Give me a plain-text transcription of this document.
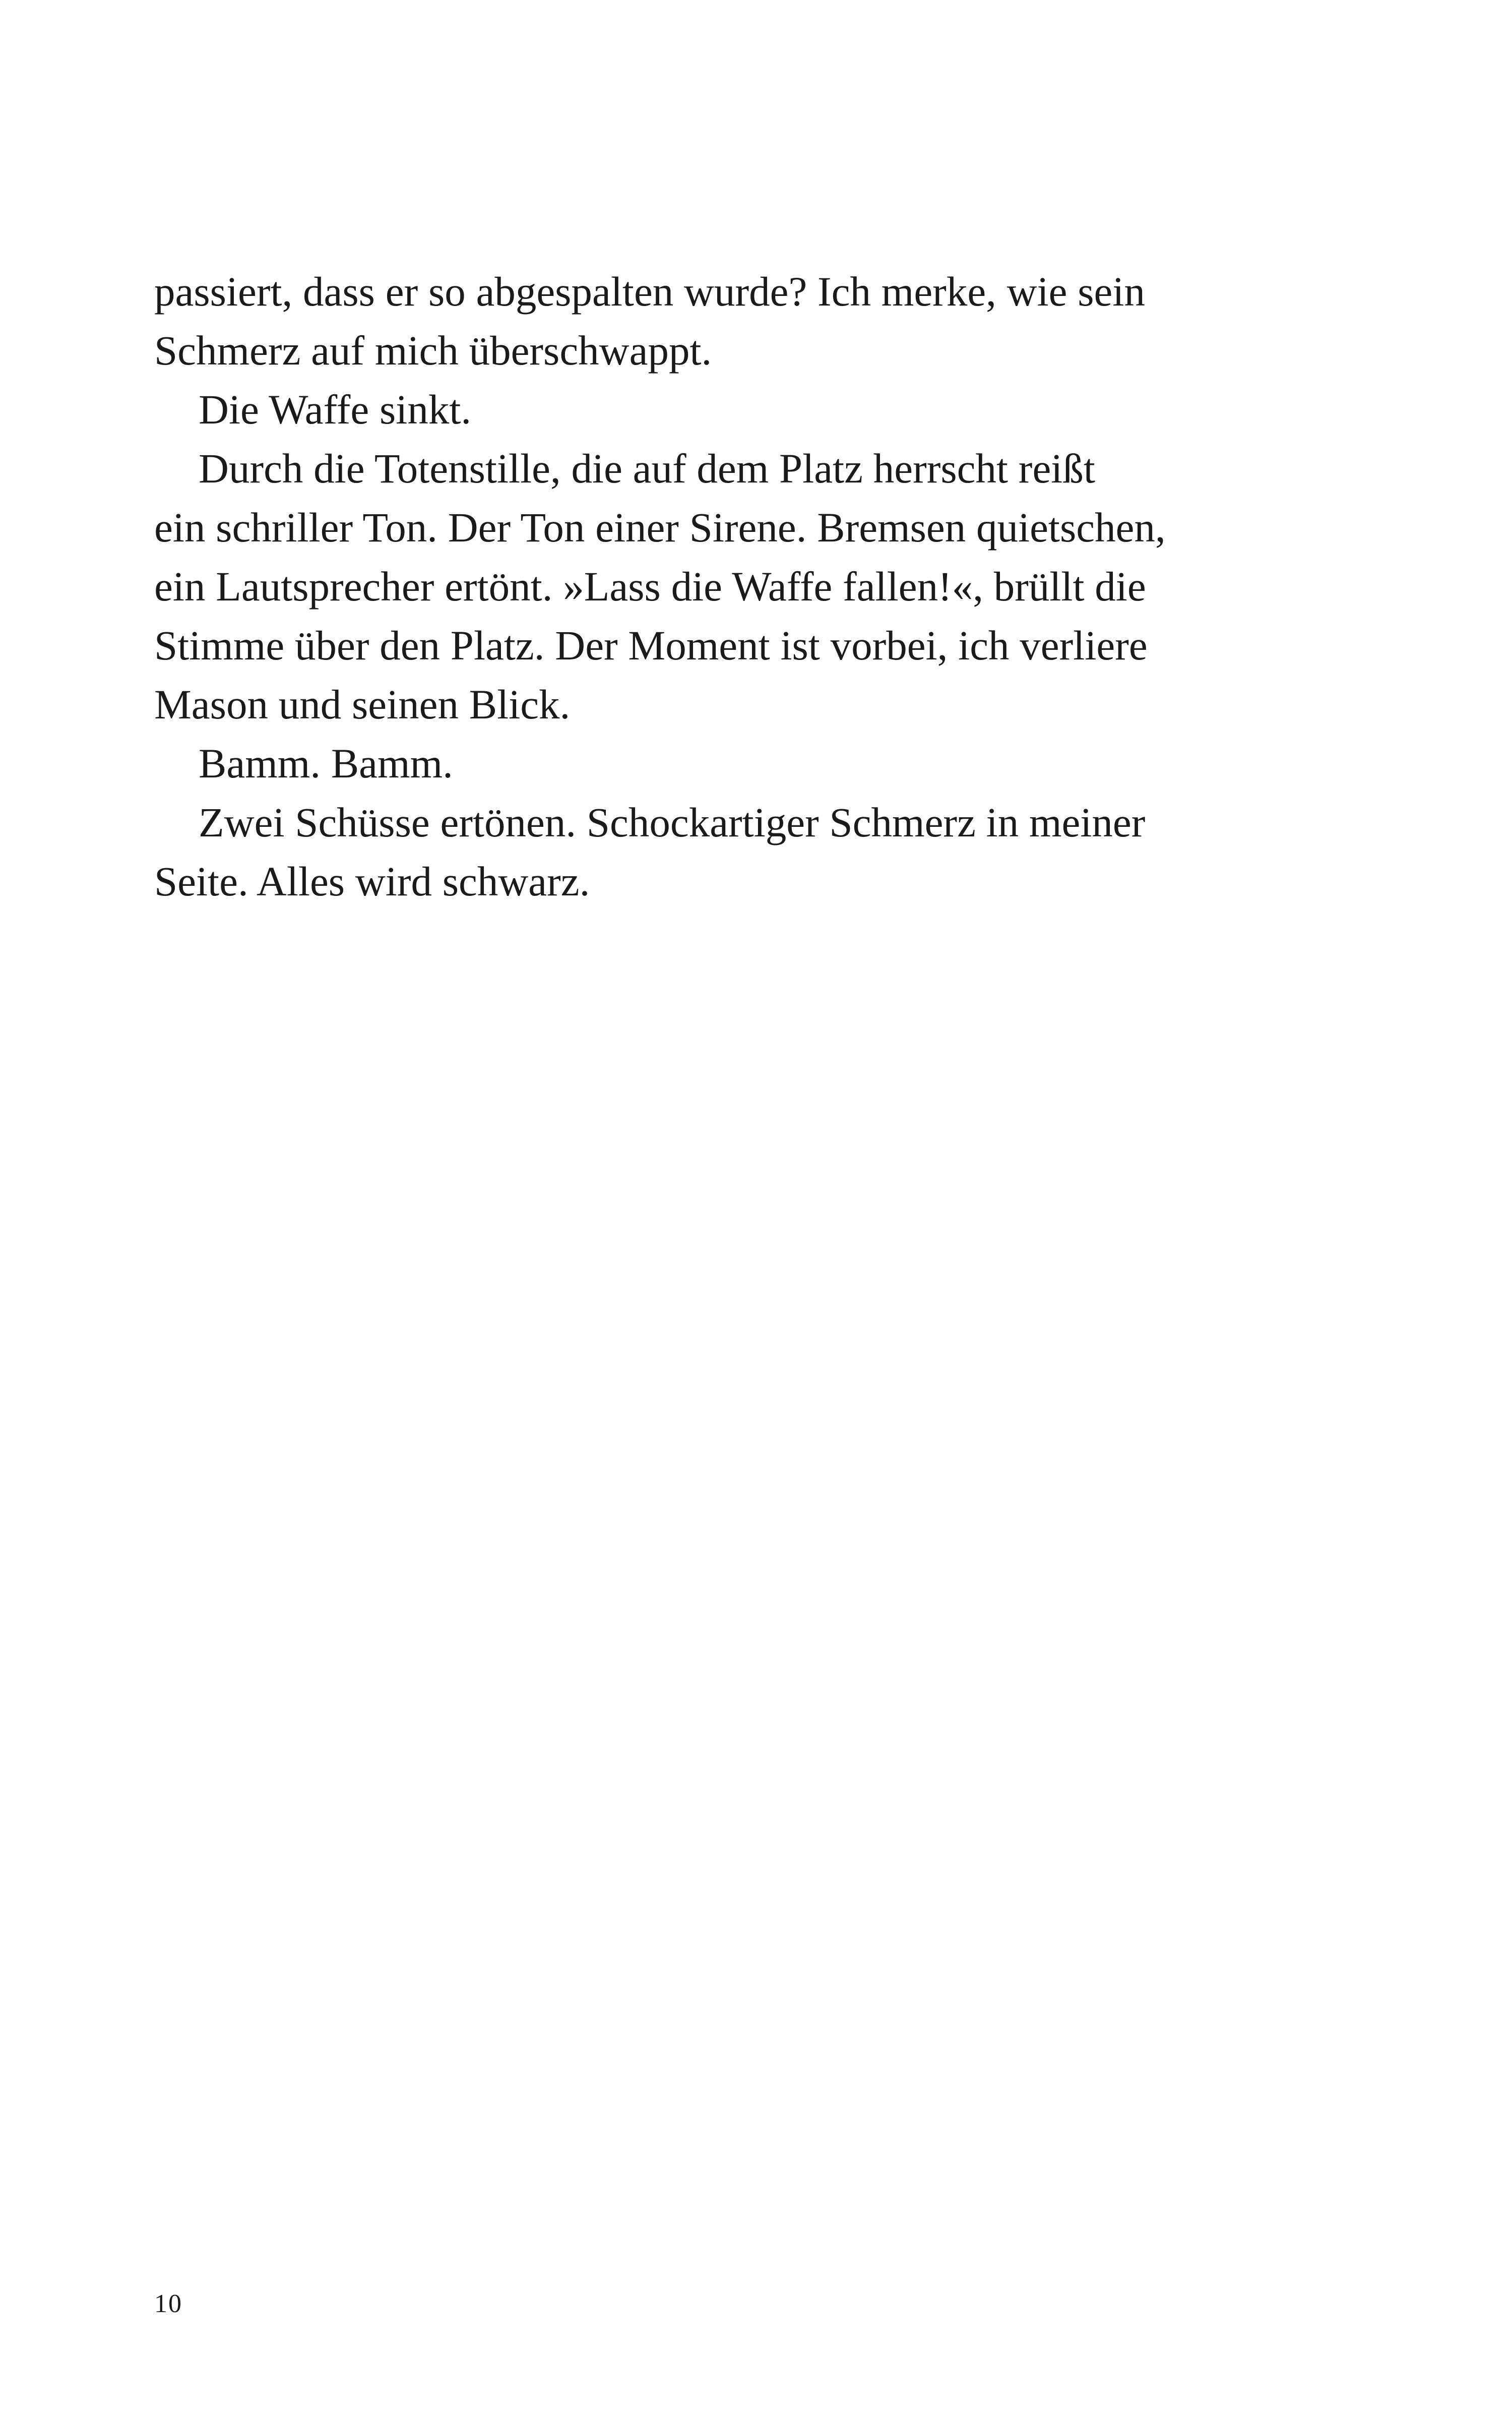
passiert, dass er so abgespalten wurde? Ich merke, wie sein
Schmerz auf mich überschwappt.
Die Waffe sinkt.
Durch die Totenstille, die auf dem Platz herrscht reißt
ein schriller Ton. Der Ton einer Sirene. Bremsen quietschen,
ein Lautsprecher ertönt. »Lass die Waffe fallen!«, brüllt die
Stimme über den Platz. Der Moment ist vorbei, ich verliere
Mason und seinen Blick.
Bamm. Bamm.
Zwei Schüsse ertönen. Schockartiger Schmerz in meiner
Seite. Alles wird schwarz.
10
